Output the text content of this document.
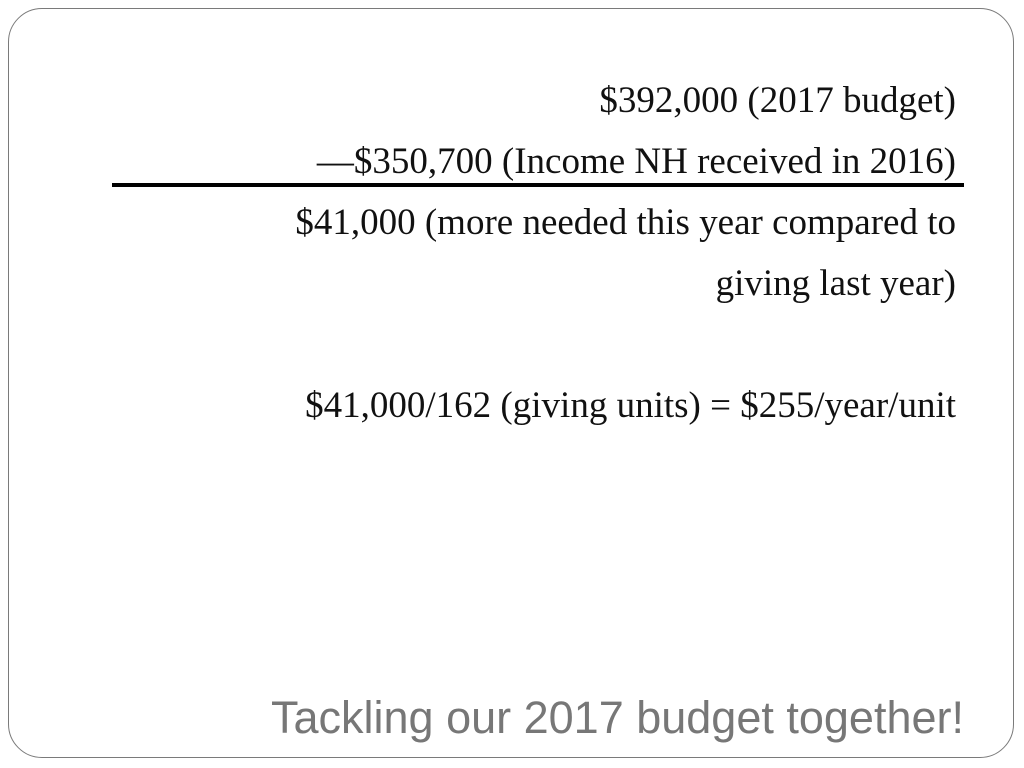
$392,000 (2017 budget)
—$350,700 (Income NH received in 2016)
$41,000 (more needed this year compared to
giving last year)
$41,000/162 (giving units) = $255/year/unit
Tackling our 2017 budget together!
